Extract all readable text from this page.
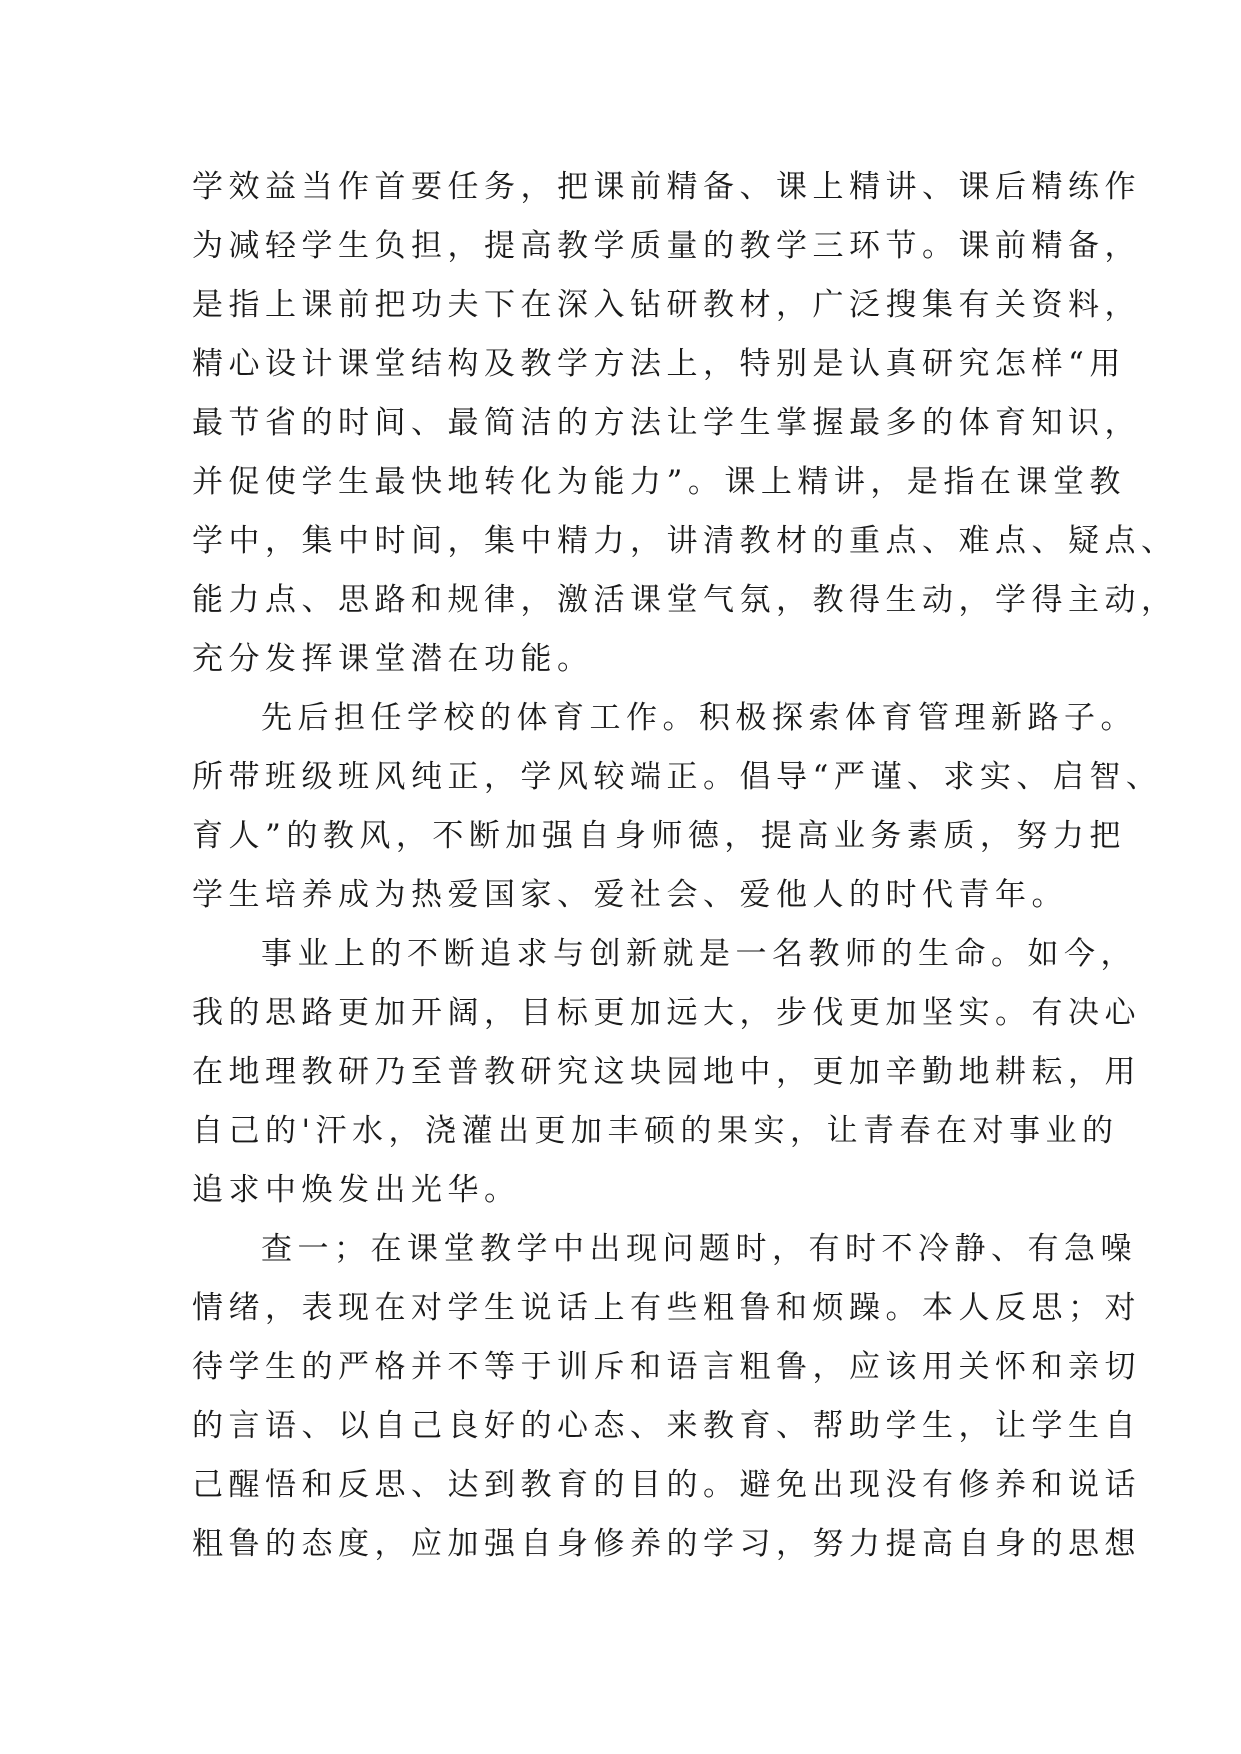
学效益当作首要任务，把课前精备、课上精讲、课后精练作
为减轻学生负担，提高教学质量的教学三环节。课前精备，
是指上课前把功夫下在深入钻研教材，广泛搜集有关资料，
精心设计课堂结构及教学方法上，特别是认真研究怎样“用
最节省的时间、最简洁的方法让学生掌握最多的体育知识，
并促使学生最快地转化为能力”。课上精讲，是指在课堂教
学中，集中时间，集中精力，讲清教材的重点、难点、疑点、
能力点、思路和规律，激活课堂气氛，教得生动，学得主动，
充分发挥课堂潜在功能。
先后担任学校的体育工作。积极探索体育管理新路子。
所带班级班风纯正，学风较端正。倡导“严谨、求实、启智、
育人”的教风，不断加强自身师德，提高业务素质，努力把
学生培养成为热爱国家、爱社会、爱他人的时代青年。
事业上的不断追求与创新就是一名教师的生命。如今，
我的思路更加开阔，目标更加远大，步伐更加坚实。有决心
在地理教研乃至普教研究这块园地中，更加辛勤地耕耘，用
自己的'汗水，浇灌出更加丰硕的果实，让青春在对事业的
追求中焕发出光华。
查一；在课堂教学中出现问题时，有时不冷静、有急噪
情绪，表现在对学生说话上有些粗鲁和烦躁。本人反思；对
待学生的严格并不等于训斥和语言粗鲁，应该用关怀和亲切
的言语、以自己良好的心态、来教育、帮助学生，让学生自
己醒悟和反思、达到教育的目的。避免出现没有修养和说话
粗鲁的态度，应加强自身修养的学习，努力提高自身的思想
